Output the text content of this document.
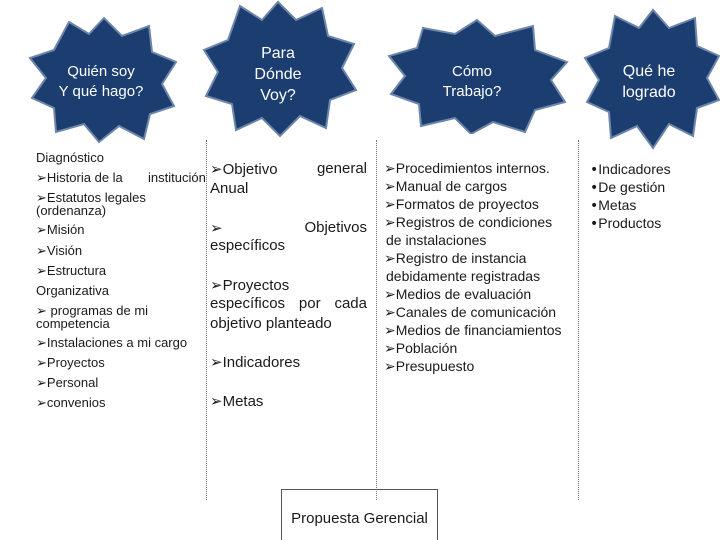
Quién soy
Y qué hago?
Para
Dónde
Voy?
Cómo
Trabajo?
Qué he
logrado
Diagnóstico
➢Historia de la institución
➢Estatutos legales
(ordenanza)
➢Misión
➢Visión
➢Estructura
Organizativa
➢ programas de mi
competencia
➢Instalaciones a mi cargo
➢Proyectos
➢Personal
➢convenios
➢Objetivo	general
Anual
➢	Objetivos
específicos
➢Proyectos
específicos por cada
objetivo planteado
➢Indicadores
➢Metas
➢Procedimientos internos.
➢Manual de cargos
➢Formatos de proyectos
➢Registros de condiciones
de instalaciones
➢Registro de instancia
debidamente registradas
➢Medios de evaluación
➢Canales de comunicación
➢Medios de financiamientos
➢Población
➢Presupuesto
•Indicadores
•De gestión
•Metas
•Productos
Propuesta Gerencial
